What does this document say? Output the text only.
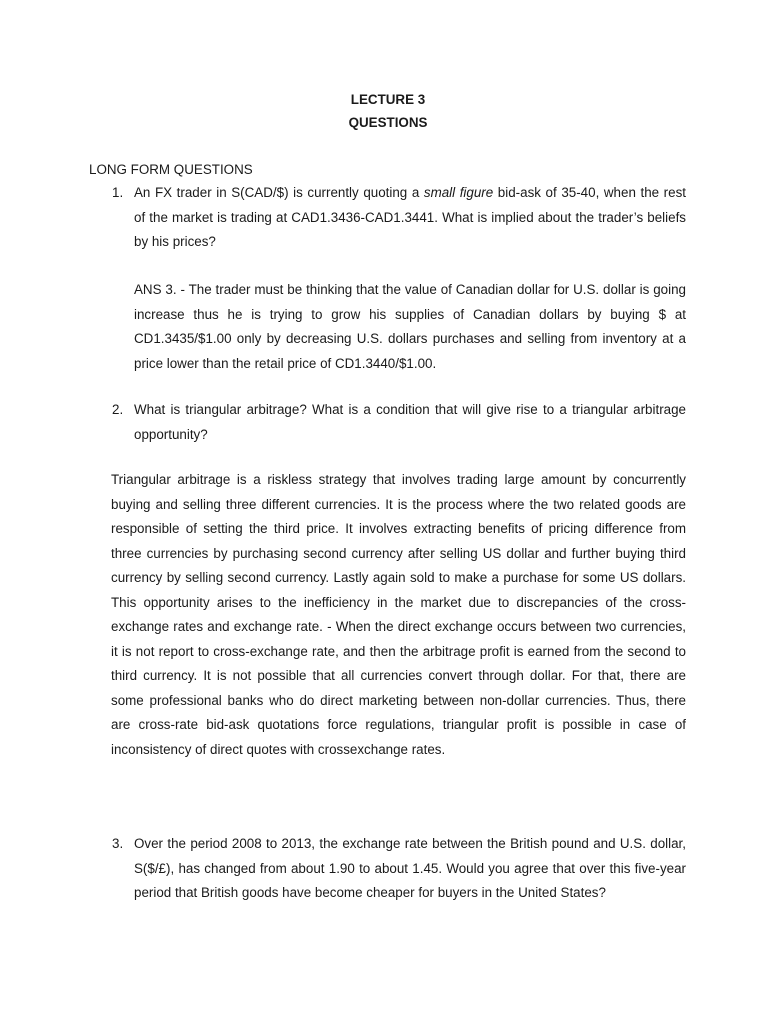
LECTURE 3
QUESTIONS
LONG FORM QUESTIONS
1. An FX trader in S(CAD/$) is currently quoting a small figure bid-ask of 35-40, when the rest of the market is trading at CAD1.3436-CAD1.3441. What is implied about the trader’s beliefs by his prices?

ANS 3. - The trader must be thinking that the value of Canadian dollar for U.S. dollar is going increase thus he is trying to grow his supplies of Canadian dollars by buying $ at CD1.3435/$1.00 only by decreasing U.S. dollars purchases and selling from inventory at a price lower than the retail price of CD1.3440/$1.00.

2. What is triangular arbitrage? What is a condition that will give rise to a triangular arbitrage opportunity?

Triangular arbitrage is a riskless strategy that involves trading large amount by concurrently buying and selling three different currencies. It is the process where the two related goods are responsible of setting the third price. It involves extracting benefits of pricing difference from three currencies by purchasing second currency after selling US dollar and further buying third currency by selling second currency. Lastly again sold to make a purchase for some US dollars. This opportunity arises to the inefficiency in the market due to discrepancies of the cross-exchange rates and exchange rate. - When the direct exchange occurs between two currencies, it is not report to cross-exchange rate, and then the arbitrage profit is earned from the second to third currency. It is not possible that all currencies convert through dollar. For that, there are some professional banks who do direct marketing between non-dollar currencies. Thus, there are cross-rate bid-ask quotations force regulations, triangular profit is possible in case of inconsistency of direct quotes with crossexchange rates.

3. Over the period 2008 to 2013, the exchange rate between the British pound and U.S. dollar, S($/£), has changed from about 1.90 to about 1.45. Would you agree that over this five-year period that British goods have become cheaper for buyers in the United States?
